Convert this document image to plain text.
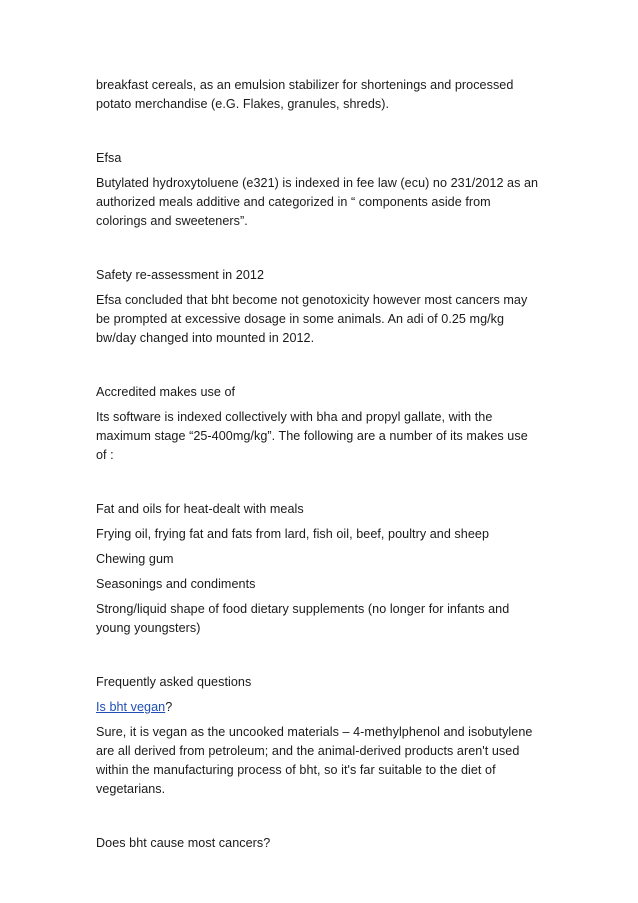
breakfast cereals, as an emulsion stabilizer for shortenings and processed

potato merchandise (e.G. Flakes, granules, shreds).

Efsa

Butylated hydroxytoluene (e321) is indexed in fee law (ecu) no 231/2012 as an

authorized meals additive and categorized in “ components aside from

colorings and sweeteners”.

Safety re-assessment in 2012

Efsa concluded that bht become not genotoxicity however most cancers may

be prompted at excessive dosage in some animals. An adi of 0.25 mg/kg

bw/day changed into mounted in 2012.

Accredited makes use of

Its software is indexed collectively with bha and propyl gallate, with the

maximum stage “25-400mg/kg”. The following are a number of its makes use

of :

Fat and oils for heat-dealt with meals

Frying oil, frying fat and fats from lard, fish oil, beef, poultry and sheep

Chewing gum

Seasonings and condiments

Strong/liquid shape of food dietary supplements (no longer for infants and

young youngsters)

Frequently asked questions

Is bht vegan?

Sure, it is vegan as the uncooked materials – 4-methylphenol and isobutylene

are all derived from petroleum; and the animal-derived products aren't used

within the manufacturing process of bht, so it's far suitable to the diet of

vegetarians.

Does bht cause most cancers?
